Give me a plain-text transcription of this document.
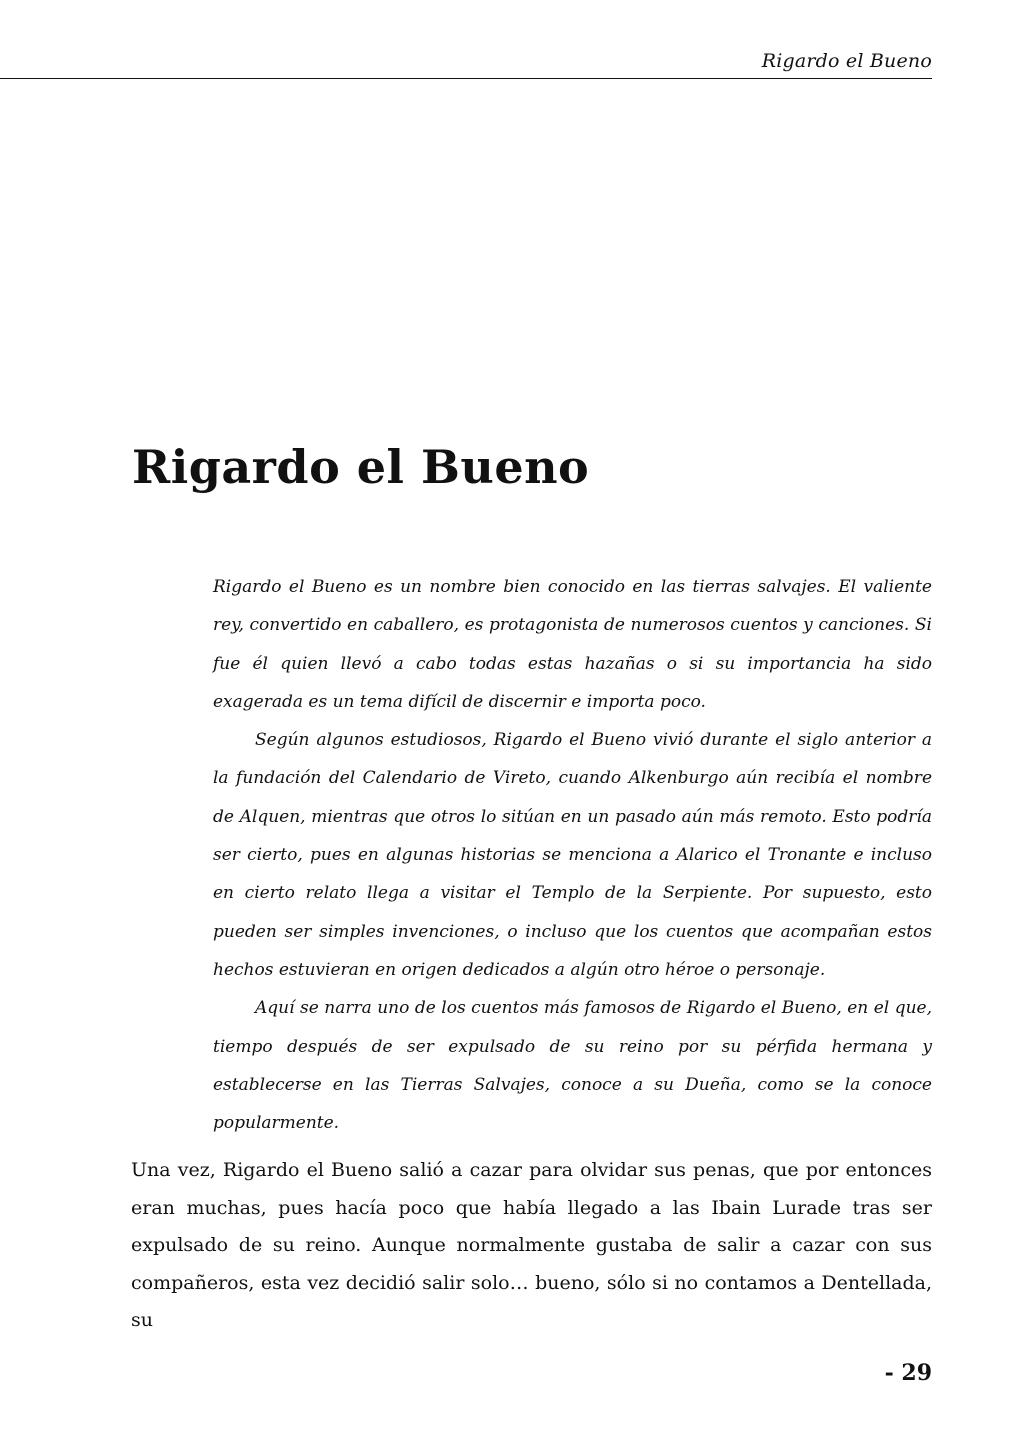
Rigardo el Bueno
Rigardo el Bueno

Rigardo el Bueno es un nombre bien conocido en las tierras salvajes. El valiente rey, convertido en caballero, es protagonista de numerosos cuentos y canciones. Si fue él quien llevó a cabo todas estas hazañas o si su importancia ha sido exagerada es un tema difícil de discernir e importa poco.

Según algunos estudiosos, Rigardo el Bueno vivió durante el siglo anterior a la fundación del Calendario de Vireto, cuando Alkenburgo aún recibía el nombre de Alquen, mientras que otros lo sitúan en un pasado aún más remoto. Esto podría ser cierto, pues en algunas historias se menciona a Alarico el Tronante e incluso en cierto relato llega a visitar el Templo de la Serpiente. Por supuesto, esto pueden ser simples invenciones, o incluso que los cuentos que acompañan estos hechos estuvieran en origen dedicados a algún otro héroe o personaje.

Aquí se narra uno de los cuentos más famosos de Rigardo el Bueno, en el que, tiempo después de ser expulsado de su reino por su pérfida hermana y establecerse en las Tierras Salvajes, conoce a su Dueña, como se la conoce popularmente.

Una vez, Rigardo el Bueno salió a cazar para olvidar sus penas, que por entonces eran muchas, pues hacía poco que había llegado a las Ibain Lurade tras ser expulsado de su reino. Aunque normalmente gustaba de salir a cazar con sus compañeros, esta vez decidió salir solo… bueno, sólo si no contamos a Dentellada, su

- 29
